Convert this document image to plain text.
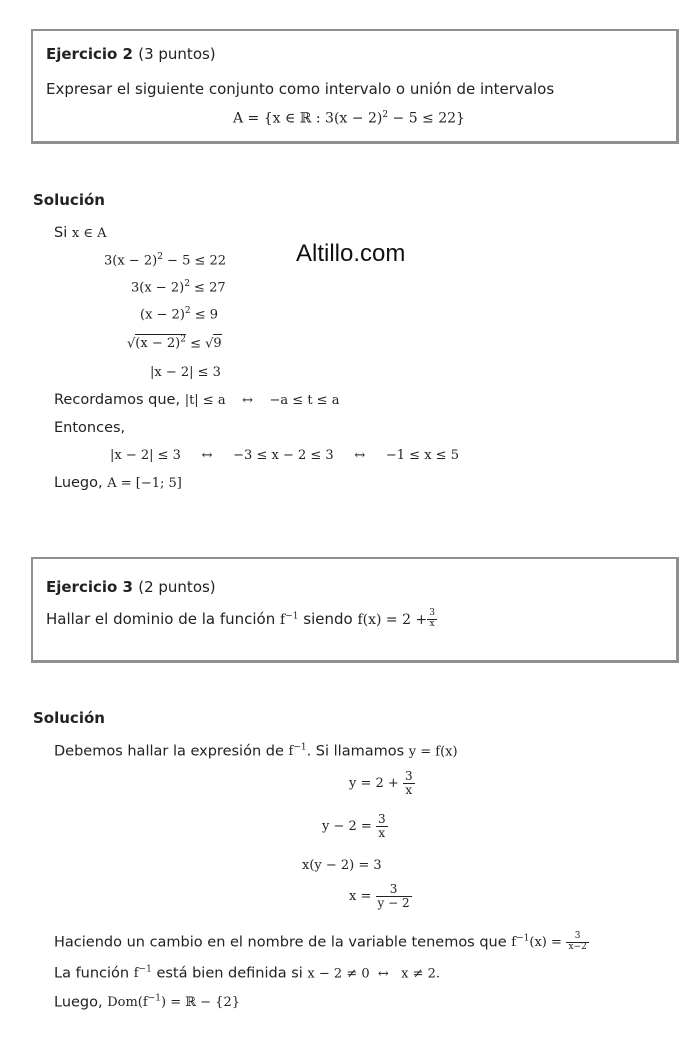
Altillo.com
Ejercicio 2 (3 puntos)
Expresar el siguiente conjunto como intervalo o unión de intervalos
A = {x ∈ ℝ : $3(x - 2)^2 - 5 \le 22$}
Solución
Si x ∈ A
$3(x - 2)^2 - 5 \le 22$
$3(x - 2)^2 \le 27$
$(x - 2)^2 \le 9$
$√(x - 2)^2 \le √9$
|x − 2| ≤ 3
Recordamos que, |t| ≤ a    ↔    −a ≤ t ≤ a
Entonces,
|x − 2| ≤ 3     ↔     −3 ≤ x − 2 ≤ 3     ↔     −1 ≤ x ≤ 5
Luego, A = [−1; 5]
Ejercicio 3 (2 puntos)
Hallar el dominio de la función $f^{-1}$ siendo $f(x) = 2 + \frac{3}{x}$
Solución
Debemos hallar la expresión de $f^{-1}$. Si llamamos y = f(x)
$y = 2 + \frac{3}{x}$
$y - 2 = \frac{3}{x}$
x(y − 2) = 3
$x = \frac{3}{y - 2}$
Haciendo un cambio en el nombre de la variable tenemos que $f^{-1}(x) = \frac{3}{x-2}$
La función $f^{-1}$ está bien definida si x − 2 ≠ 0  ↔   x ≠ 2.
Luego, $Dom(f^{-1})$ = ℝ − {2}
